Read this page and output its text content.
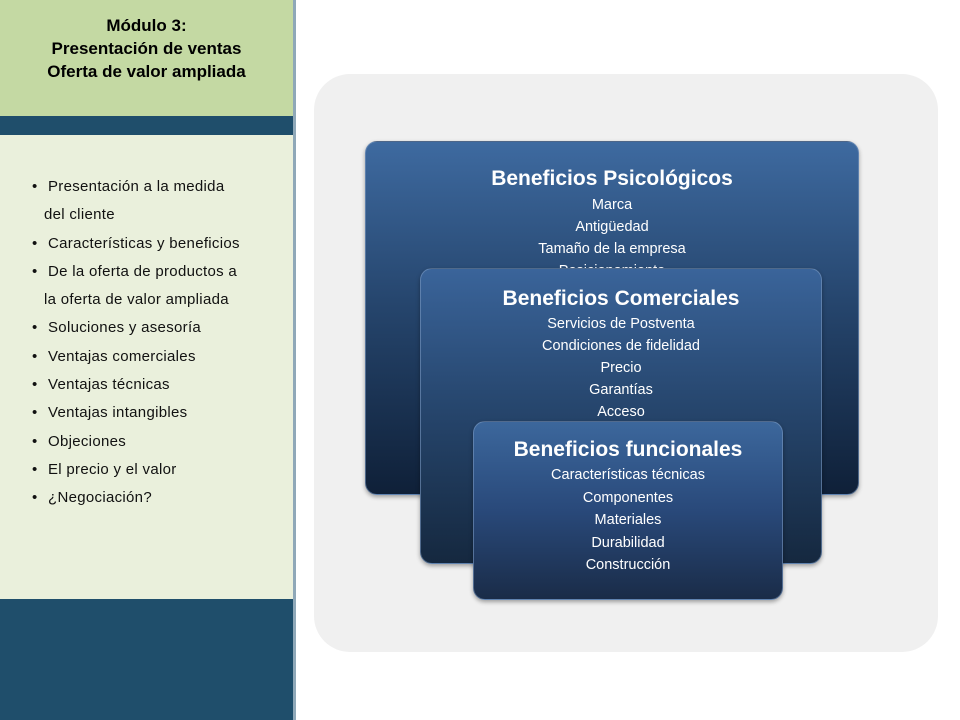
Módulo 3:
Presentación de ventas
Oferta de valor ampliada
• Presentación a la medida
del cliente
• Características y beneficios
• De la oferta de productos a
la oferta de valor ampliada
• Soluciones y asesoría
• Ventajas comerciales
• Ventajas técnicas
• Ventajas intangibles
• Objeciones
• El precio y el valor
• ¿Negociación?
Beneficios Psicológicos
Marca
Antigüedad
Tamaño de la empresa
Beneficios Comerciales
Servicios de Postventa
Condiciones de fidelidad
Precio
Garantías
Acceso
Beneficios funcionales
Características técnicas
Componentes
Materiales
Durabilidad
Construcción
